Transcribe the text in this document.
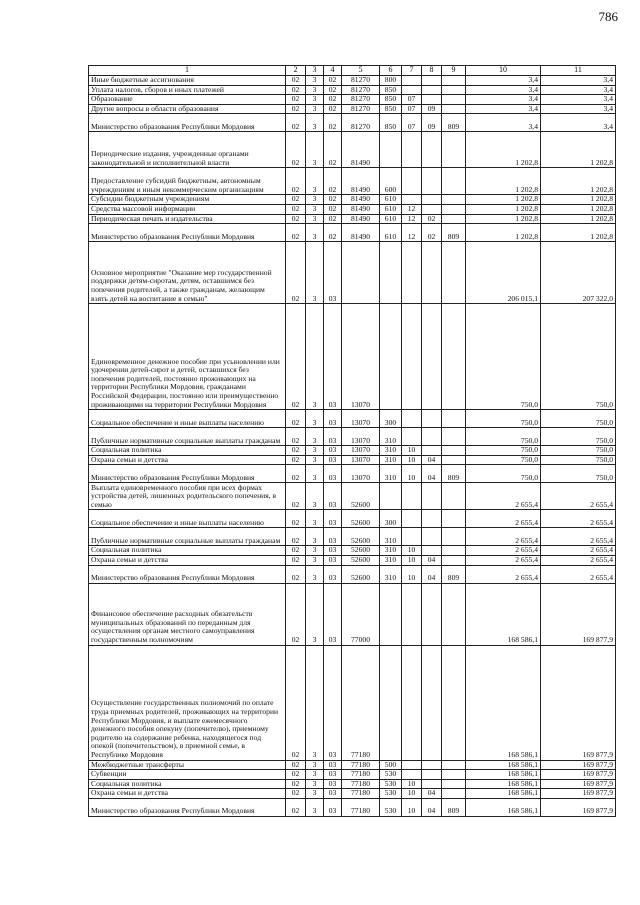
786
1	2	3	4	5	6	7	8	9	10	11
Иные бюджетные ассигнования	02	3	02	81270	800				3,4	3,4
Уплата налогов, сборов и иных платежей	02	3	02	81270	850				3,4	3,4
Образование	02	3	02	81270	850	07			3,4	3,4
Другие вопросы в области образования	02	3	02	81270	850	07	09		3,4	3,4
Министерство образования Республики Мордовия	02	3	02	81270	850	07	09	809	3,4	3,4
Периодические издания, учрежденные органами законодательной и исполнительной власти	02	3	02	81490					1 202,8	1 202,8
Предоставление субсидий бюджетным, автономным учреждениям и иным некоммерческим организациям	02	3	02	81490	600				1 202,8	1 202,8
Субсидии бюджетным учреждениям	02	3	02	81490	610				1 202,8	1 202,8
Средства массовой информации	02	3	02	81490	610	12			1 202,8	1 202,8
Периодическая печать и издательства	02	3	02	81490	610	12	02		1 202,8	1 202,8
Министерство образования Республики Мордовия	02	3	02	81490	610	12	02	809	1 202,8	1 202,8
Основное мероприятие "Оказание мер государственной поддержки детям-сиротам, детям, оставшимся без попечения родителей, а также гражданам, желающим взять детей на воспитание в семью"	02	3	03						206 015,1	207 322,0
Единовременное денежное пособие при усыновлении или удочерении детей-сирот и детей, оставшихся без попечения родителей, постоянно проживающих на территории Республики Мордовия, гражданами Российской Федерации, постоянно или преимущественно проживающими на территории Республики Мордовия	02	3	03	13070					750,0	750,0
Социальное обеспечение и иные выплаты населению	02	3	03	13070	300				750,0	750,0
Публичные нормативные социальные выплаты гражданам	02	3	03	13070	310				750,0	750,0
Социальная политика	02	3	03	13070	310	10			750,0	750,0
Охрана семьи и детства	02	3	03	13070	310	10	04		750,0	750,0
Министерство образования Республики Мордовия	02	3	03	13070	310	10	04	809	750,0	750,0
Выплата единовременного пособия при всех формах устройства детей, лишенных родительского попечения, в семью	02	3	03	52600					2 655,4	2 655,4
Социальное обеспечение и иные выплаты населению	02	3	03	52600	300				2 655,4	2 655,4
Публичные нормативные социальные выплаты гражданам	02	3	03	52600	310				2 655,4	2 655,4
Социальная политика	02	3	03	52600	310	10			2 655,4	2 655,4
Охрана семьи и детства	02	3	03	52600	310	10	04		2 655,4	2 655,4
Министерство образования Республики Мордовия	02	3	03	52600	310	10	04	809	2 655,4	2 655,4
Финансовое обеспечение расходных обязательств муниципальных образований по переданным для осуществления органам местного самоуправления государственным полномочиям	02	3	03	77000					168 586,1	169 877,9
Осуществление государственных полномочий по оплате труда приемных родителей, проживающих на территории Республики Мордовия, и выплате ежемесячного денежного пособия опекуну (попечителю), приемному родителю на содержание ребенка, находящегося под опекой (попечительством), в приемной семье, в Республике Мордовия	02	3	03	77180					168 586,1	169 877,9
Межбюджетные трансферты	02	3	03	77180	500				168 586,1	169 877,9
Субвенции	02	3	03	77180	530				168 586,1	169 877,9
Социальная политика	02	3	03	77180	530	10			168 586,1	169 877,9
Охрана семьи и детства	02	3	03	77180	530	10	04		168 586,1	169 877,9
Министерство образования Республики Мордовия	02	3	03	77180	530	10	04	809	168 586,1	169 877,9
